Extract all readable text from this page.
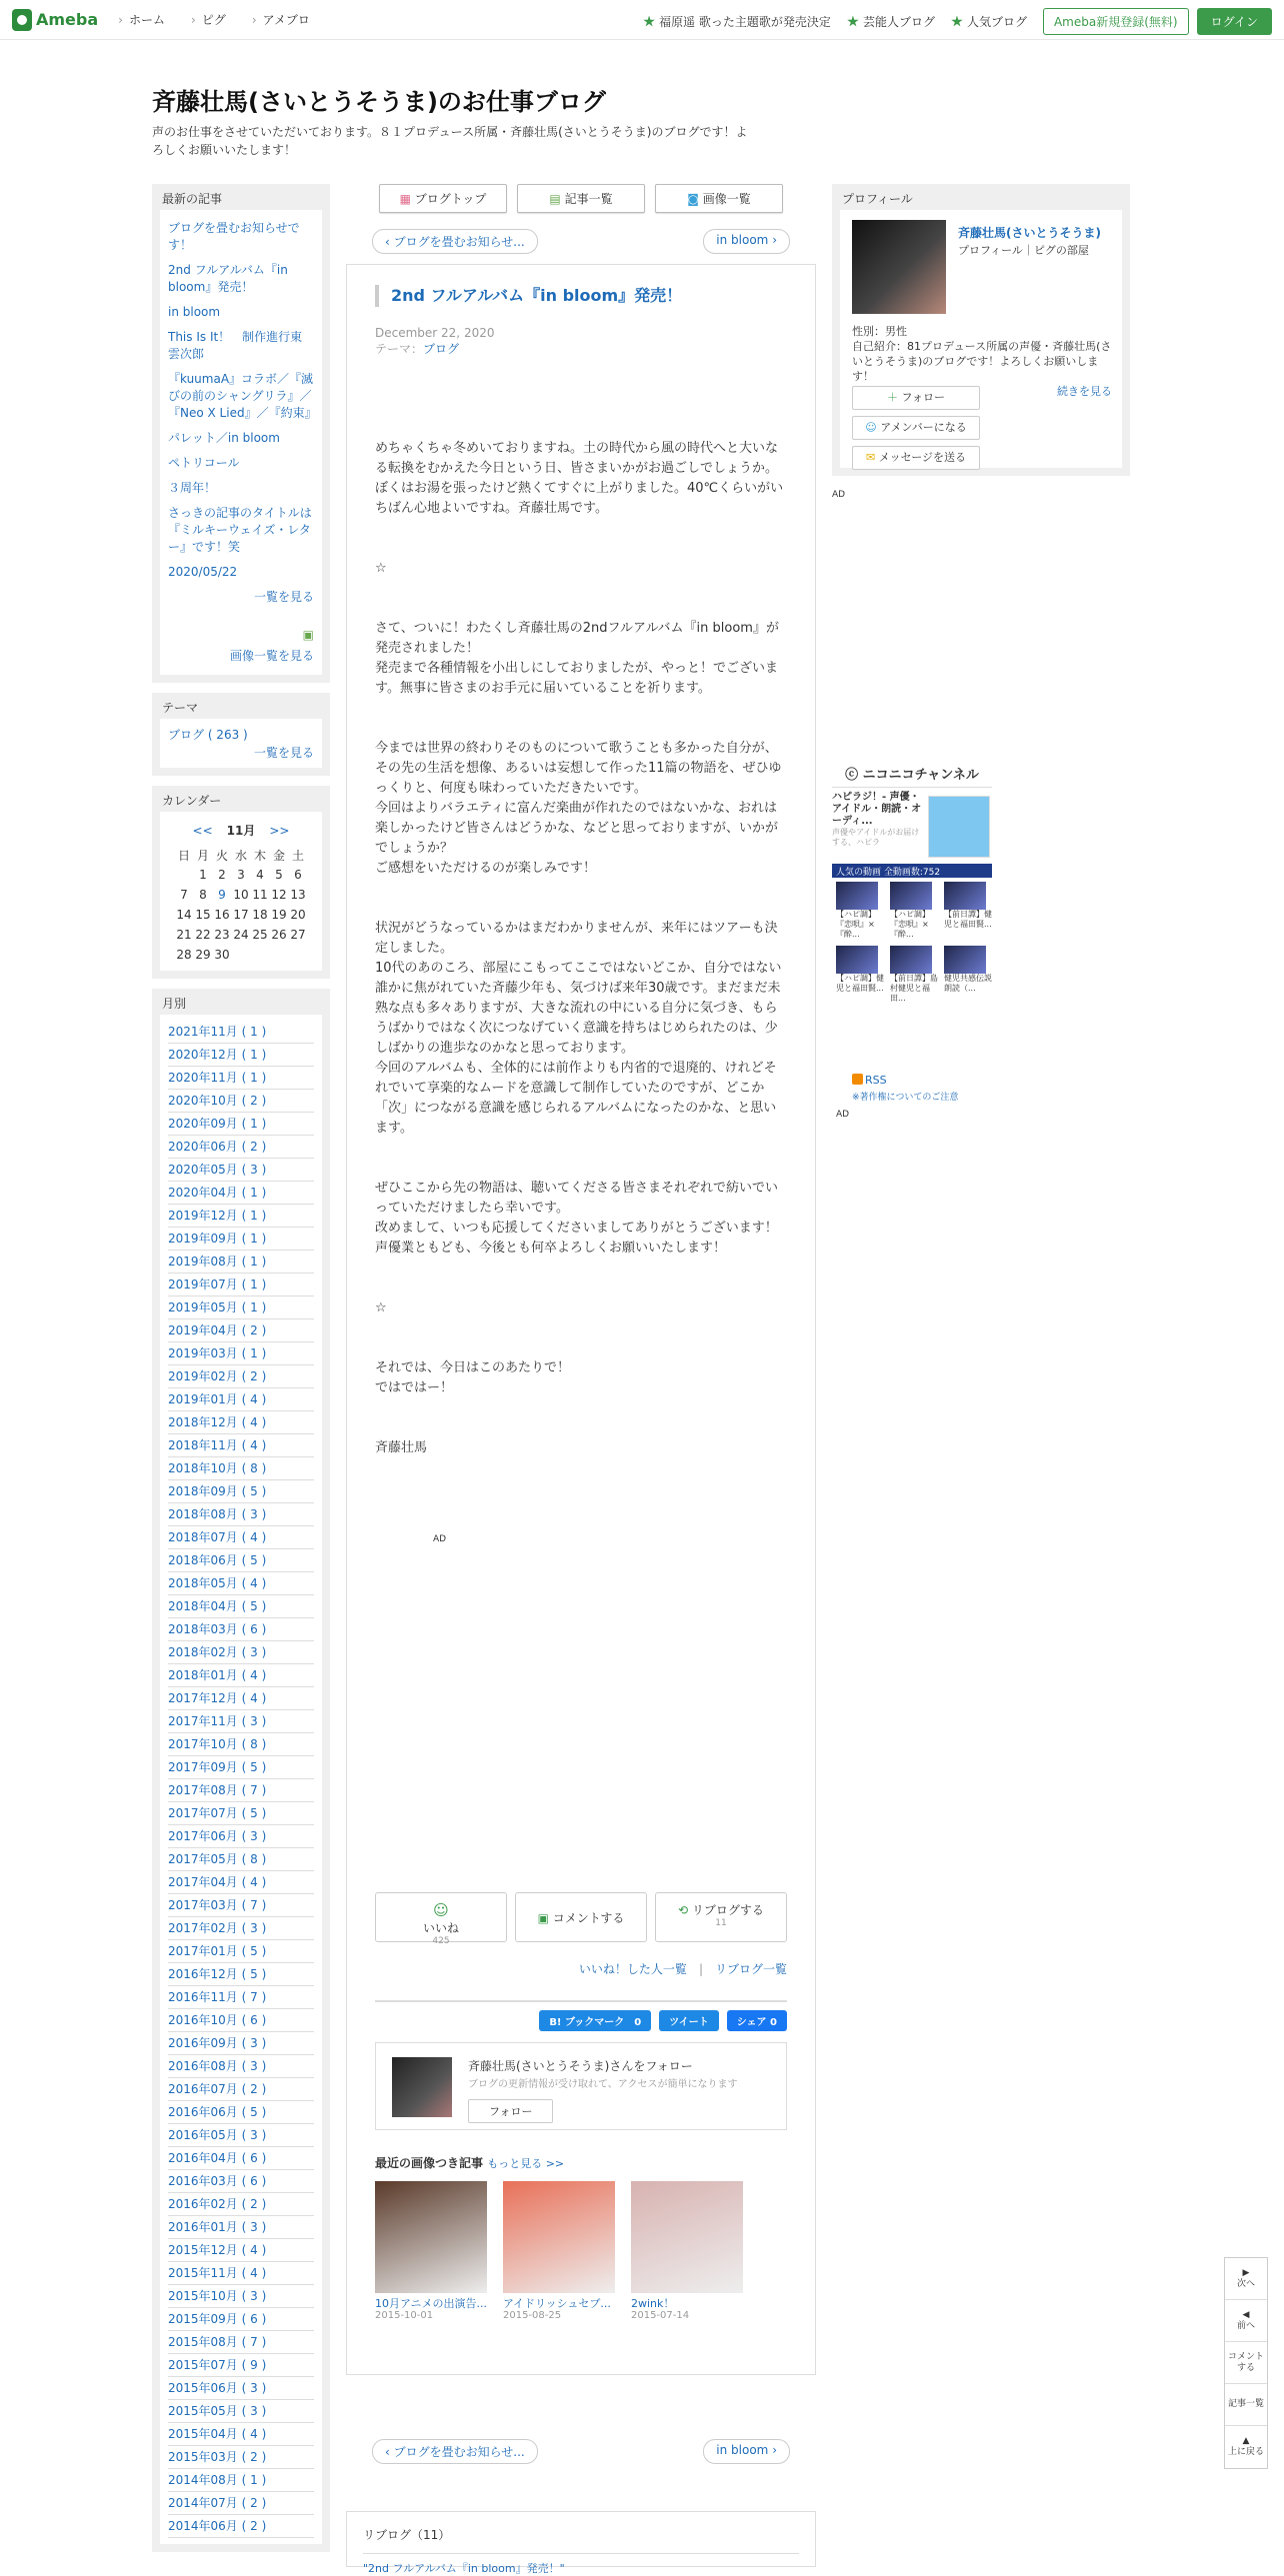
Ameba	› ホーム	› ピグ	› アメブロ	福原遥 歌った主題歌が発売決定	芸能人ブログ	人気ブログ	Ameba新規登録(無料)	ログイン
斉藤壮馬(さいとうそうま)のお仕事ブログ
声のお仕事をさせていただいております。８１プロデュース所属・斉藤壮馬(さいとうそうま)のブログです！よろしくお願いいたします！
最新の記事
ブログを畳むお知らせです！
2nd フルアルバム『in bloom』発売！
in bloom
This Is It！　制作進行東雲次郎
『kuumaA』コラボ／『滅びの前のシャングリラ』／『Neo X Lied』／『約束』
パレット／in bloom
ペトリコール
３周年！
さっきの記事のタイトルは『ミルキーウェイズ・レター』です！笑
2020/05/22
一覧を見る

▣
画像一覧を見る
テーマ
ブログ ( 263 )
一覧を見る
カレンダー
<< 11月 >>
日	月	火	水	木	金	土
	1	2	3	4	5	6
7	8	9	10	11	12	13
14	15	16	17	18	19	20
21	22	23	24	25	26	27
28	29	30				
月別
2021年11月 ( 1 )
2020年12月 ( 1 )
2020年11月 ( 1 )
2020年10月 ( 2 )
2020年09月 ( 1 )
2020年06月 ( 2 )
2020年05月 ( 3 )
2020年04月 ( 1 )
2019年12月 ( 1 )
2019年09月 ( 1 )
2019年08月 ( 1 )
2019年07月 ( 1 )
2019年05月 ( 1 )
2019年04月 ( 2 )
2019年03月 ( 1 )
2019年02月 ( 2 )
2019年01月 ( 4 )
2018年12月 ( 4 )
2018年11月 ( 4 )
2018年10月 ( 8 )
2018年09月 ( 5 )
2018年08月 ( 3 )
2018年07月 ( 4 )
2018年06月 ( 5 )
2018年05月 ( 4 )
2018年04月 ( 5 )
2018年03月 ( 6 )
2018年02月 ( 3 )
2018年01月 ( 4 )
2017年12月 ( 4 )
2017年11月 ( 3 )
2017年10月 ( 8 )
2017年09月 ( 5 )
2017年08月 ( 7 )
2017年07月 ( 5 )
2017年06月 ( 3 )
2017年05月 ( 8 )
2017年04月 ( 4 )
2017年03月 ( 7 )
2017年02月 ( 3 )
2017年01月 ( 5 )
2016年12月 ( 5 )
2016年11月 ( 7 )
2016年10月 ( 6 )
2016年09月 ( 3 )
2016年08月 ( 3 )
2016年07月 ( 2 )
2016年06月 ( 5 )
2016年05月 ( 3 )
2016年04月 ( 6 )
2016年03月 ( 6 )
2016年02月 ( 2 )
2016年01月 ( 3 )
2015年12月 ( 4 )
2015年11月 ( 4 )
2015年10月 ( 3 )
2015年09月 ( 6 )
2015年08月 ( 7 )
2015年07月 ( 9 )
2015年06月 ( 3 )
2015年05月 ( 3 )
2015年04月 ( 4 )
2015年03月 ( 2 )
2014年08月 ( 1 )
2014年07月 ( 2 )
2014年06月 ( 2 )
▦ ブログトップ	▤ 記事一覧	◙ 画像一覧
‹ ブログを畳むお知らせ...	in bloom ›
2nd フルアルバム『in bloom』発売！
December 22, 2020
テーマ：ブログ

めちゃくちゃ冬めいておりますね。土の時代から風の時代へと大いなる転換をむかえた今日という日、皆さまいかがお過ごしでしょうか。

ぼくはお湯を張ったけど熱くてすぐに上がりました。40℃くらいがいちばん心地よいですね。斉藤壮馬です。

☆

さて、ついに！わたくし斉藤壮馬の2ndフルアルバム『in bloom』が発売されました！

発売まで各種情報を小出しにしておりましたが、やっと！でございます。無事に皆さまのお手元に届いていることを祈ります。

今までは世界の終わりそのものについて歌うことも多かった自分が、その先の生活を想像、あるいは妄想して作った11篇の物語を、ぜひゆっくりと、何度も味わっていただきたいです。

今回はよりバラエティに富んだ楽曲が作れたのではないかな、おれは楽しかったけど皆さんはどうかな、などと思っておりますが、いかがでしょうか？

ご感想をいただけるのが楽しみです！

状況がどうなっているかはまだわかりませんが、来年にはツアーも決定しました。

10代のあのころ、部屋にこもってここではないどこか、自分ではない誰かに焦がれていた斉藤少年も、気づけば来年30歳です。まだまだ未熟な点も多々ありますが、大きな流れの中にいる自分に気づき、もらうばかりではなく次につなげていく意識を持ちはじめられたのは、少しばかりの進歩なのかなと思っております。

今回のアルバムも、全体的には前作よりも内省的で退廃的、けれどそれでいて享楽的なムードを意識して制作していたのですが、どこか「次」につながる意識を感じられるアルバムになったのかな、と思います。

ぜひここから先の物語は、聴いてくださる皆さまそれぞれで紡いでいっていただけましたら幸いです。

改めまして、いつも応援してくださいましてありがとうございます！

声優業ともども、今後とも何卒よろしくお願いいたします！

☆

それでは、今日はこのあたりで！

ではではー！

斉藤壮馬

AD
☺
いいね
425
▣ コメントする
⟲ リブログする
11
いいね！した人一覧 | リブログ一覧
B! ブックマーク　0	ツイート	シェア 0
斉藤壮馬(さいとうそうま)さんをフォロー
ブログの更新情報が受け取れて、アクセスが簡単になります
フォロー
最近の画像つき記事 もっと見る >>
10月アニメの出演告...
2015-10-01
アイドリッシュセブ...
2015-08-25
2wink！
2015-07-14
‹ ブログを畳むお知らせ...	in bloom ›
リブログ（11）
"2nd フルアルバム『in bloom』発売！"
プロフィール
斉藤壮馬(さいとうそうま)
プロフィール｜ピグの部屋
性別：男性
自己紹介：81プロデュース所属の声優・斉藤壮馬(さいとうそうま)のブログです！よろしくお願いします！
続きを見る
＋ フォロー
☺ アメンバーになる
✉ メッセージを送る
AD
ⓒ ニコニコチャンネル
ハピラジ！- 声優・アイドル・朗読・オーディ...
声優やアイドルがお届けする、ハピラ
人気の動画 全動画数:752
【ハピ調】『恋唄』×『酔...
【ハピ調】『恋唄』×『酔...
【前日譚】健児と福田賢...
【ハピ調】健児と福田賢...
【前日譚】島村健児と福田...
健児共感伝説 朗読（...
RSS
※著作権についてのご注意
AD
▶
次へ
◀
前へ
コメントする
記事一覧
▲
上に戻る
